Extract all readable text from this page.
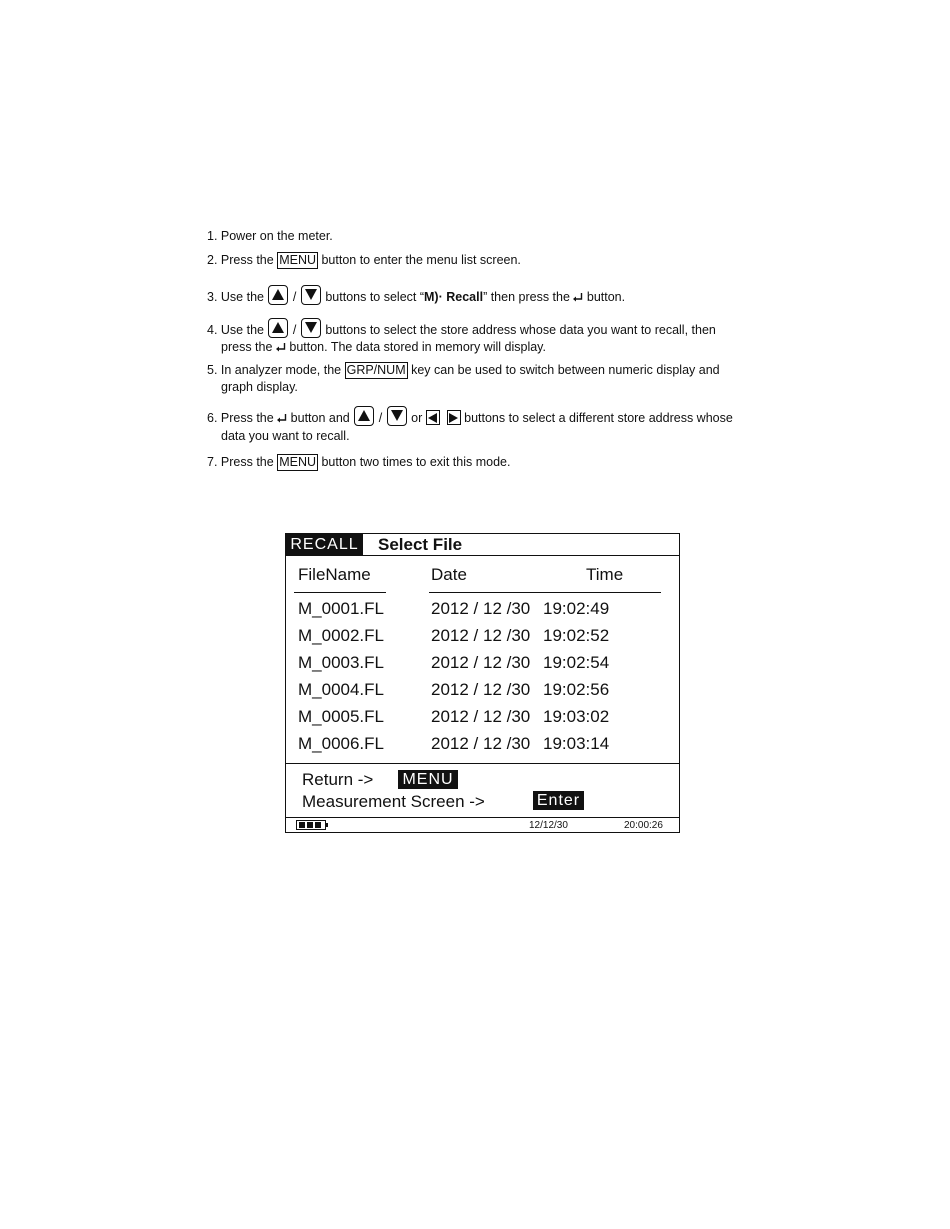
1. Power on the meter.
2. Press the MENU button to enter the menu list screen.
3. Use the
/
buttons to select “M)· Recall” then press the  button.
4. Use the
/
buttons to select the store address whose data you want to recall, then
press the  button. The data stored in memory will display.
5. In analyzer mode, the GRP/NUM key can be used to switch between numeric display and
graph display.
6. Press the  button and
/
or
	buttons to select a different store address whose
data you want to recall.
7. Press the MENU button two times to exit this mode.
RECALL Select File
FileName	Date	Time
M_0001.FL	2012 / 12 /30 19:02:49
M_0002.FL	2012 / 12 /30 19:02:52
M_0003.FL	2012 / 12 /30 19:02:54
M_0004.FL	2012 / 12 /30 19:02:56
M_0005.FL	2012 / 12 /30 19:03:02
M_0006.FL	2012 / 12 /30 19:03:14
Return -> MENU
Measurement Screen ->	Enter
12/12/30	20:00:26
